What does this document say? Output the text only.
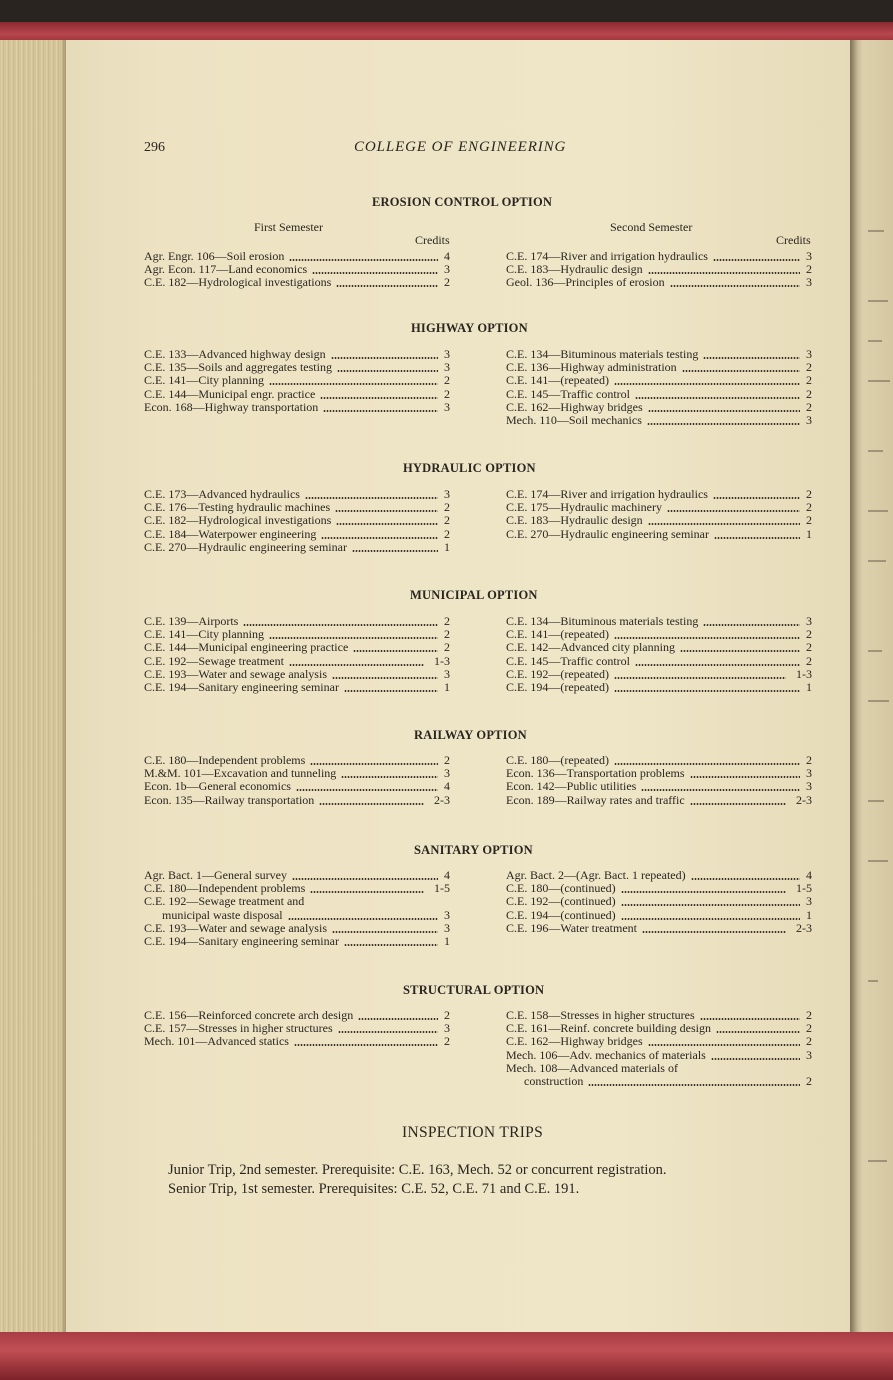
296	COLLEGE OF ENGINEERING
EROSION CONTROL OPTION
First Semester	Second Semester
Credits	Credits
Agr. Engr. 106—Soil erosion	4
Agr. Econ. 117—Land economics	3
C.E. 182—Hydrological investigations	2
C.E. 174—River and irrigation hydraulics	3
C.E. 183—Hydraulic design	2
Geol. 136—Principles of erosion	3
HIGHWAY OPTION
C.E. 133—Advanced highway design	3
C.E. 135—Soils and aggregates testing	3
C.E. 141—City planning	2
C.E. 144—Municipal engr. practice	2
Econ. 168—Highway transportation	3
C.E. 134—Bituminous materials testing	3
C.E. 136—Highway administration	2
C.E. 141—(repeated)	2
C.E. 145—Traffic control	2
C.E. 162—Highway bridges	2
Mech. 110—Soil mechanics	3
HYDRAULIC OPTION
C.E. 173—Advanced hydraulics	3
C.E. 176—Testing hydraulic machines	2
C.E. 182—Hydrological investigations	2
C.E. 184—Waterpower engineering	2
C.E. 270—Hydraulic engineering seminar	1
C.E. 174—River and irrigation hydraulics	2
C.E. 175—Hydraulic machinery	2
C.E. 183—Hydraulic design	2
C.E. 270—Hydraulic engineering seminar	1
MUNICIPAL OPTION
C.E. 139—Airports	2
C.E. 141—City planning	2
C.E. 144—Municipal engineering practice	2
C.E. 192—Sewage treatment	1-3
C.E. 193—Water and sewage analysis	3
C.E. 194—Sanitary engineering seminar	1
C.E. 134—Bituminous materials testing	3
C.E. 141—(repeated)	2
C.E. 142—Advanced city planning	2
C.E. 145—Traffic control	2
C.E. 192—(repeated)	1-3
C.E. 194—(repeated)	1
RAILWAY OPTION
C.E. 180—Independent problems	2
M.&M. 101—Excavation and tunneling	3
Econ. 1b—General economics	4
Econ. 135—Railway transportation	2-3
C.E. 180—(repeated)	2
Econ. 136—Transportation problems	3
Econ. 142—Public utilities	3
Econ. 189—Railway rates and traffic	2-3
SANITARY OPTION
Agr. Bact. 1—General survey	4
C.E. 180—Independent problems	1-5
C.E. 192—Sewage treatment and
municipal waste disposal	3
C.E. 193—Water and sewage analysis	3
C.E. 194—Sanitary engineering seminar	1
Agr. Bact. 2—(Agr. Bact. 1 repeated)	4
C.E. 180—(continued)	1-5
C.E. 192—(continued)	3
C.E. 194—(continued)	1
C.E. 196—Water treatment	2-3
STRUCTURAL OPTION
C.E. 156—Reinforced concrete arch design	2
C.E. 157—Stresses in higher structures	3
Mech. 101—Advanced statics	2
C.E. 158—Stresses in higher structures	2
C.E. 161—Reinf. concrete building design	2
C.E. 162—Highway bridges	2
Mech. 106—Adv. mechanics of materials	3
Mech. 108—Advanced materials of
construction	2
INSPECTION TRIPS
Junior Trip, 2nd semester. Prerequisite: C.E. 163, Mech. 52 or concurrent registration.
Senior Trip, 1st semester. Prerequisites: C.E. 52, C.E. 71 and C.E. 191.
